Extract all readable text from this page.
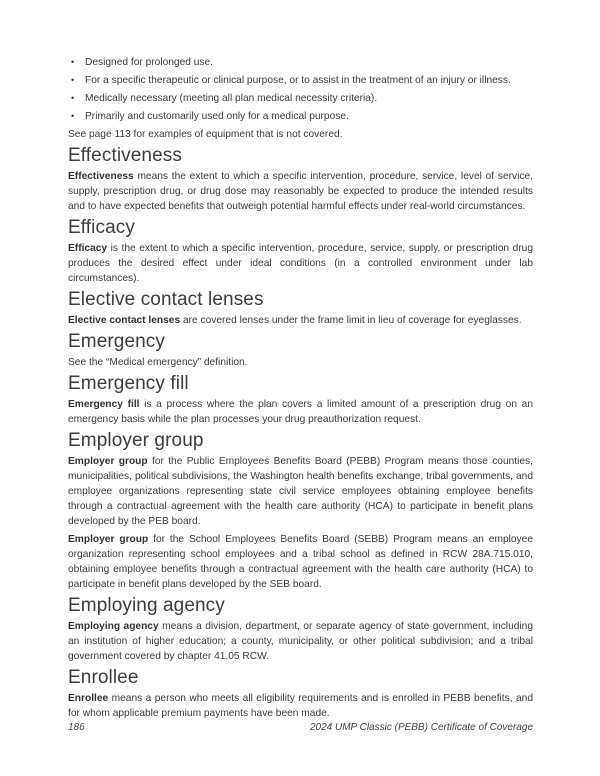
•	Designed for prolonged use.
•	For a specific therapeutic or clinical purpose, or to assist in the treatment of an injury or illness.
•	Medically necessary (meeting all plan medical necessity criteria).
•	Primarily and customarily used only for a medical purpose.

See page 113 for examples of equipment that is not covered.

Effectiveness

Effectiveness means the extent to which a specific intervention, procedure, service, level of service, supply, prescription drug, or drug dose may reasonably be expected to produce the intended results and to have expected benefits that outweigh potential harmful effects under real-world circumstances.

Efficacy

Efficacy is the extent to which a specific intervention, procedure, service, supply, or prescription drug produces the desired effect under ideal conditions (in a controlled environment under lab circumstances).

Elective contact lenses

Elective contact lenses are covered lenses under the frame limit in lieu of coverage for eyeglasses.

Emergency

See the “Medical emergency” definition.

Emergency fill

Emergency fill is a process where the plan covers a limited amount of a prescription drug on an emergency basis while the plan processes your drug preauthorization request.

Employer group

Employer group for the Public Employees Benefits Board (PEBB) Program means those counties, municipalities, political subdivisions, the Washington health benefits exchange, tribal governments, and employee organizations representing state civil service employees obtaining employee benefits through a contractual agreement with the health care authority (HCA) to participate in benefit plans developed by the PEB board.

Employer group for the School Employees Benefits Board (SEBB) Program means an employee organization representing school employees and a tribal school as defined in RCW 28A.715.010, obtaining employee benefits through a contractual agreement with the health care authority (HCA) to participate in benefit plans developed by the SEB board.

Employing agency

Employing agency means a division, department, or separate agency of state government, including an institution of higher education; a county, municipality, or other political subdivision; and a tribal government covered by chapter 41.05 RCW.

Enrollee

Enrollee means a person who meets all eligibility requirements and is enrolled in PEBB benefits, and for whom applicable premium payments have been made.

186	2024 UMP Classic (PEBB) Certificate of Coverage
